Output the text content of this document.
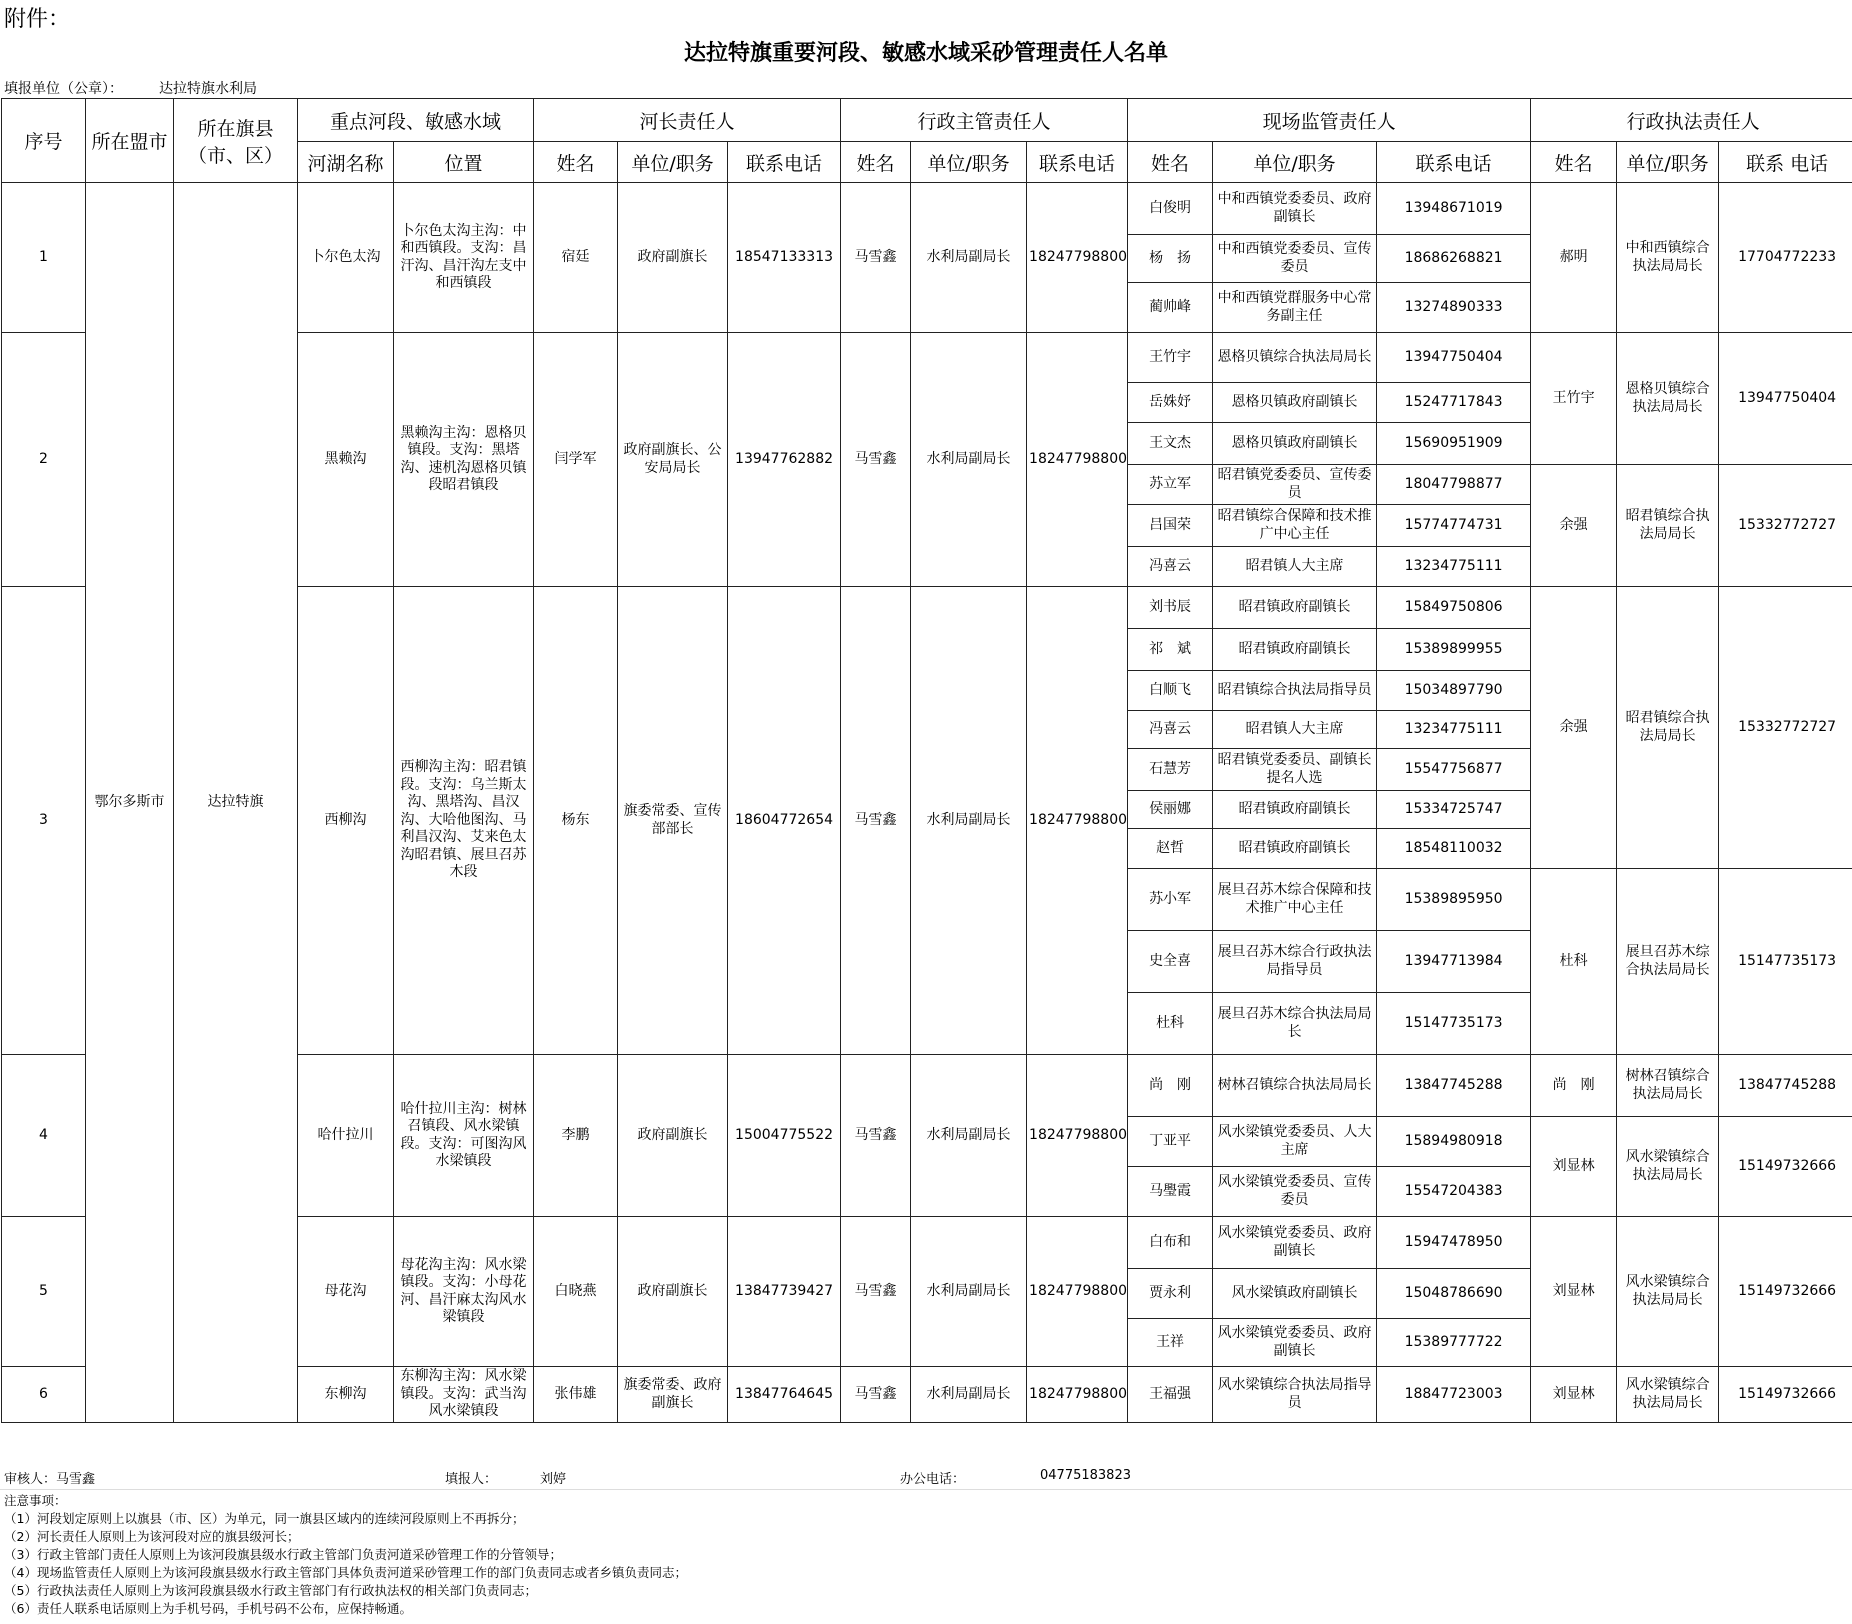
附件：
达拉特旗重要河段、敏感水域采砂管理责任人名单
填报单位（公章）：	达拉特旗水利局
序号	所在盟市	所在旗县（市、区）	重点河段、敏感水域		河长责任人			行政主管责任人			现场监管责任人			行政执法责任人		
			河湖名称	位置	姓名	单位/职务	联系电话	姓名	单位/职务	联系电话	姓名	单位/职务	联系电话	姓名	单位/职务	联系 电话
1	鄂尔多斯市	达拉特旗	卜尔色太沟	卜尔色太沟主沟：中和西镇段。支沟：昌汗沟、昌汗沟左支中和西镇段	宿廷	政府副旗长	18547133313	马雪鑫	水利局副局长	18247798800	白俊明	中和西镇党委委员、政府副镇长	13948671019	郝明	中和西镇综合执法局局长	17704772233
											杨　扬	中和西镇党委委员、宣传委员	18686268821			
											蔺帅峰	中和西镇党群服务中心常务副主任	13274890333			
2			黑赖沟	黑赖沟主沟：恩格贝镇段。支沟：黑塔沟、速机沟恩格贝镇段昭君镇段	闫学军	政府副旗长、公安局局长	13947762882	马雪鑫	水利局副局长	18247798800	王竹宇	恩格贝镇综合执法局局长	13947750404	王竹宇	恩格贝镇综合执法局局长	13947750404
											岳姝妤	恩格贝镇政府副镇长	15247717843			
											王文杰	恩格贝镇政府副镇长	15690951909			
											苏立军	昭君镇党委委员、宣传委员	18047798877	余强	昭君镇综合执法局局长	15332772727
											吕国荣	昭君镇综合保障和技术推广中心主任	15774774731			
											冯喜云	昭君镇人大主席	13234775111			
3			西柳沟	西柳沟主沟：昭君镇段。支沟：乌兰斯太沟、黑塔沟、昌汉沟、大哈他图沟、马利昌汉沟、艾来色太沟昭君镇、展旦召苏木段	杨东	旗委常委、宣传部部长	18604772654	马雪鑫	水利局副局长	18247798800	刘书辰	昭君镇政府副镇长	15849750806	余强	昭君镇综合执法局局长	15332772727
											祁　斌	昭君镇政府副镇长	15389899955			
											白顺飞	昭君镇综合执法局指导员	15034897790			
											冯喜云	昭君镇人大主席	13234775111			
											石慧芳	昭君镇党委委员、副镇长提名人选	15547756877			
											侯丽娜	昭君镇政府副镇长	15334725747			
											赵哲	昭君镇政府副镇长	18548110032			
											苏小军	展旦召苏木综合保障和技术推广中心主任	15389895950	杜科	展旦召苏木综合执法局局长	15147735173
											史全喜	展旦召苏木综合行政执法局指导员	13947713984			
											杜科	展旦召苏木综合执法局局长	15147735173			
4			哈什拉川	哈什拉川主沟：树林召镇段、风水梁镇段。支沟：可图沟风水梁镇段	李鹏	政府副旗长	15004775522	马雪鑫	水利局副局长	18247798800	尚　刚	树林召镇综合执法局局长	13847745288	尚　刚	树林召镇综合执法局局长	13847745288
											丁亚平	风水梁镇党委委员、人大主席	15894980918	刘显林	风水梁镇综合执法局局长	15149732666
											马璺霞	风水梁镇党委委员、宣传委员	15547204383			
5			母花沟	母花沟主沟：风水梁镇段。支沟：小母花河、昌汗麻太沟风水梁镇段	白晓燕	政府副旗长	13847739427	马雪鑫	水利局副局长	18247798800	白布和	风水梁镇党委委员、政府副镇长	15947478950	刘显林	风水梁镇综合执法局局长	15149732666
											贾永利	风水梁镇政府副镇长	15048786690			
											王祥	风水梁镇党委委员、政府副镇长	15389777722			
6			东柳沟	东柳沟主沟：风水梁镇段。支沟：武当沟风水梁镇段	张伟雄	旗委常委、政府副旗长	13847764645	马雪鑫	水利局副局长	18247798800	王福强	风水梁镇综合执法局指导员	18847723003	刘显林	风水梁镇综合执法局局长	15149732666
审核人：马雪鑫	填报人：	刘婷	办公电话：	04775183823
注意事项：
（1）河段划定原则上以旗县（市、区）为单元，同一旗县区域内的连续河段原则上不再拆分；
（2）河长责任人原则上为该河段对应的旗县级河长；
（3）行政主管部门责任人原则上为该河段旗县级水行政主管部门负责河道采砂管理工作的分管领导；
（4）现场监管责任人原则上为该河段旗县级水行政主管部门具体负责河道采砂管理工作的部门负责同志或者乡镇负责同志；
（5）行政执法责任人原则上为该河段旗县级水行政主管部门有行政执法权的相关部门负责同志；
（6）责任人联系电话原则上为手机号码，手机号码不公布，应保持畅通。
